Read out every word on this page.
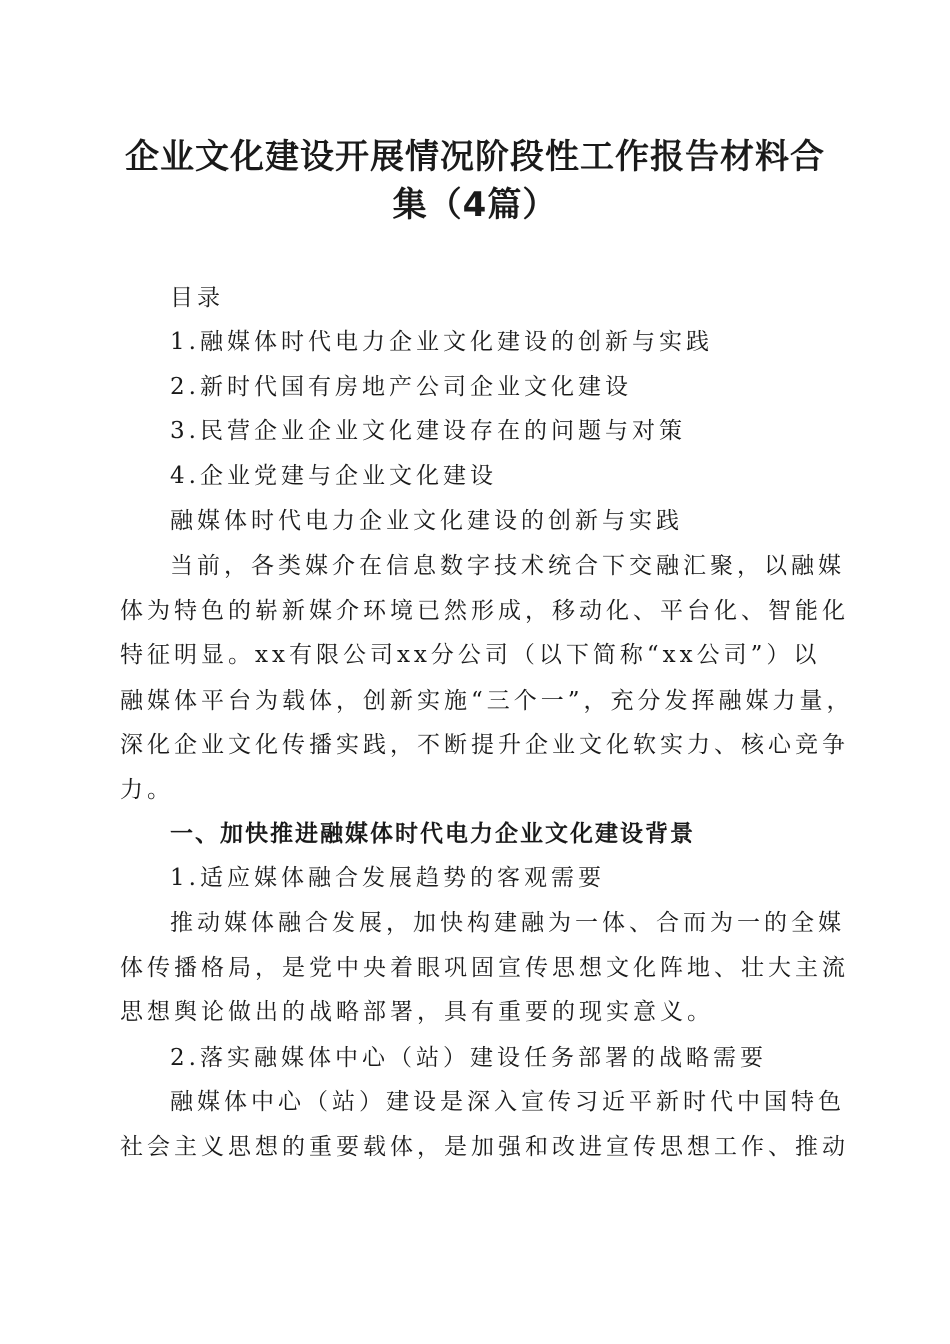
企业文化建设开展情况阶段性工作报告材料合
集（4篇）
目录
1.融媒体时代电力企业文化建设的创新与实践
2.新时代国有房地产公司企业文化建设
3.民营企业企业文化建设存在的问题与对策
4.企业党建与企业文化建设
融媒体时代电力企业文化建设的创新与实践
当前，各类媒介在信息数字技术统合下交融汇聚，以融媒
体为特色的崭新媒介环境已然形成，移动化、平台化、智能化
特征明显。xx有限公司xx分公司（以下简称“xx公司”）以
融媒体平台为载体，创新实施“三个一”，充分发挥融媒力量，
深化企业文化传播实践，不断提升企业文化软实力、核心竞争
力。
一、加快推进融媒体时代电力企业文化建设背景
1.适应媒体融合发展趋势的客观需要
推动媒体融合发展，加快构建融为一体、合而为一的全媒
体传播格局，是党中央着眼巩固宣传思想文化阵地、壮大主流
思想舆论做出的战略部署，具有重要的现实意义。
2.落实融媒体中心（站）建设任务部署的战略需要
融媒体中心（站）建设是深入宣传习近平新时代中国特色
社会主义思想的重要载体，是加强和改进宣传思想工作、推动
